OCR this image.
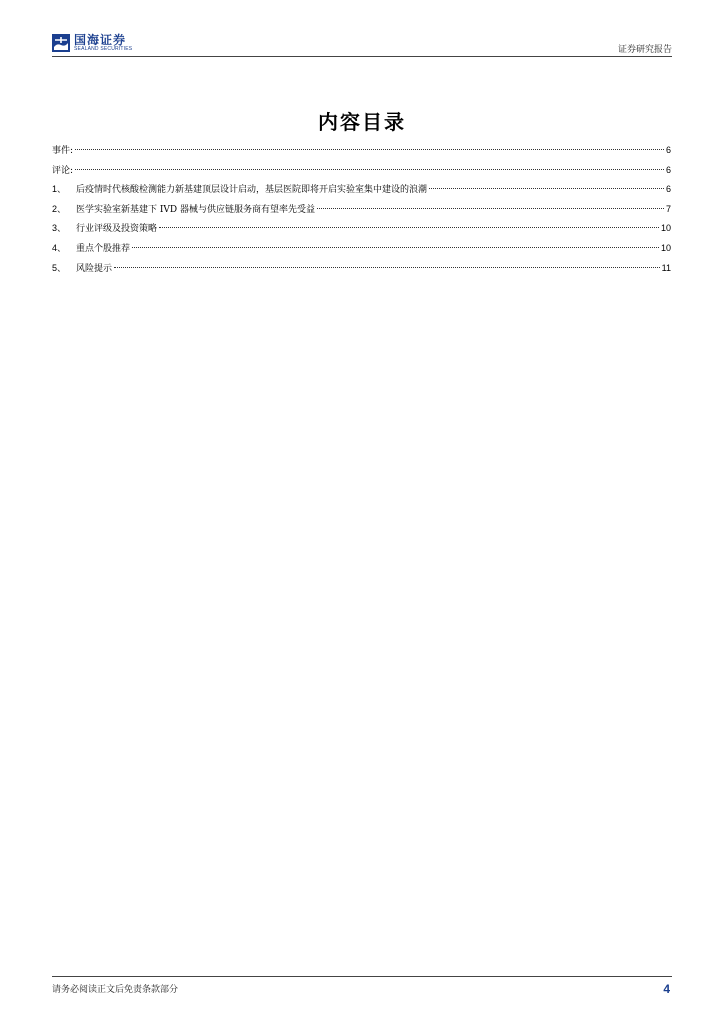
国海证券
SEALAND SECURITIES	证券研究报告
内容目录
事件:	6
评论:	6
1、	后疫情时代核酸检测能力新基建顶层设计启动，基层医院即将开启实验室集中建设的浪潮	6
2、	医学实验室新基建下 IVD 器械与供应链服务商有望率先受益	7
3、	行业评级及投资策略	10
4、	重点个股推荐	10
5、	风险提示	11
请务必阅读正文后免责条款部分	4
